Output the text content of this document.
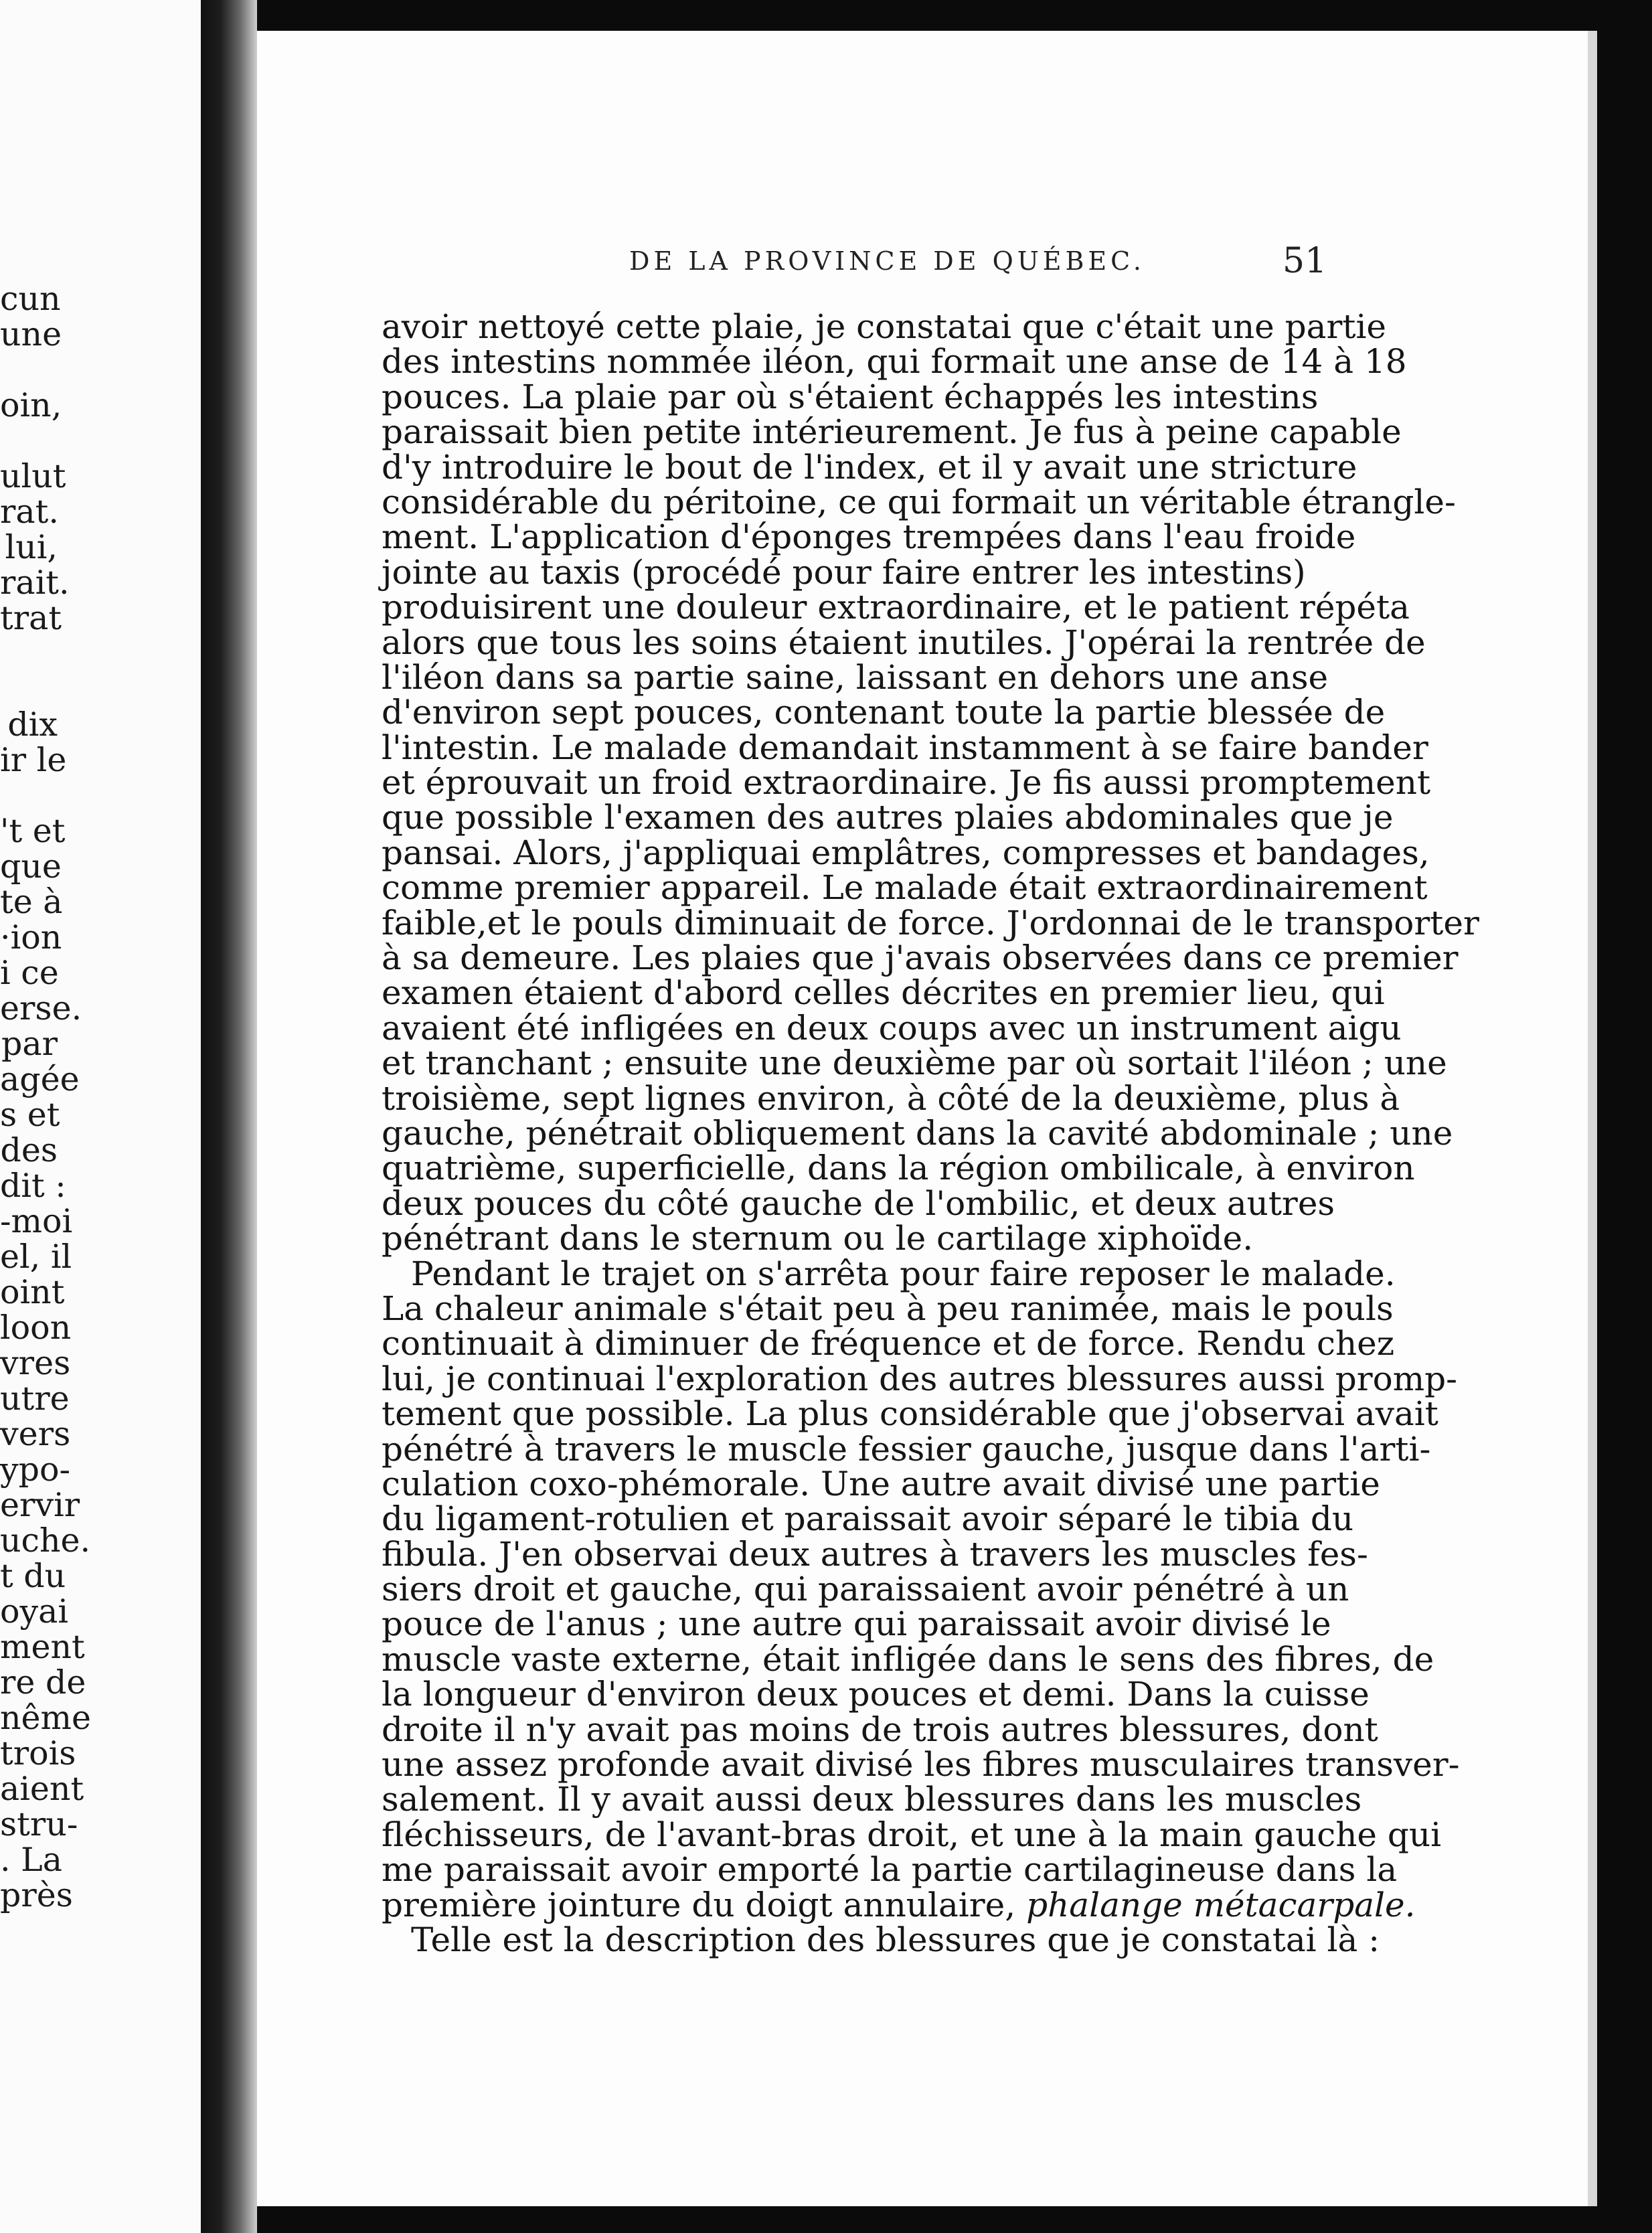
cun
une
oin,
ulut
́rat.
lui,
rait.
trat
dix
ir le
't et
que
te à
·ion
i ce
erse.
par
agée
s et
des
dit :
-moi
el, il
oint
loon
vres
utre
vers
ypo-
ervir
uche.
t du
oyai
ment
re de
nême
trois
aient
stru-
. La
près
DE LA PROVINCE DE QUÉBEC.	51
avoir nettoyé cette plaie, je constatai que c'était une partie
des intestins nommée iléon, qui formait une anse de 14 à 18
pouces. La plaie par où s'étaient échappés les intestins
paraissait bien petite intérieurement. Je fus à peine capable
d'y introduire le bout de l'index, et il y avait une stricture
considérable du péritoine, ce qui formait un véritable étrangle-
ment. L'application d'éponges trempées dans l'eau froide
jointe au taxis (procédé pour faire entrer les intestins)
produisirent une douleur extraordinaire, et le patient répéta
alors que tous les soins étaient inutiles. J'opérai la rentrée de
l'iléon dans sa partie saine, laissant en dehors une anse
d'environ sept pouces, contenant toute la partie blessée de
l'intestin. Le malade demandait instamment à se faire bander
et éprouvait un froid extraordinaire. Je fis aussi promptement
que possible l'examen des autres plaies abdominales que je
pansai. Alors, j'appliquai emplâtres, compresses et bandages,
comme premier appareil. Le malade était extraordinairement
faible,et le pouls diminuait de force. J'ordonnai de le transporter
à sa demeure. Les plaies que j'avais observées dans ce premier
examen étaient d'abord celles décrites en premier lieu, qui
avaient été infligées en deux coups avec un instrument aigu
et tranchant ; ensuite une deuxième par où sortait l'iléon ; une
troisième, sept lignes environ, à côté de la deuxième, plus à
gauche, pénétrait obliquement dans la cavité abdominale ; une
quatrième, superficielle, dans la région ombilicale, à environ
deux pouces du côté gauche de l'ombilic, et deux autres
pénétrant dans le sternum ou le cartilage xiphoïde.
Pendant le trajet on s'arrêta pour faire reposer le malade.
La chaleur animale s'était peu à peu ranimée, mais le pouls
continuait à diminuer de fréquence et de force. Rendu chez
lui, je continuai l'exploration des autres blessures aussi promp-
tement que possible. La plus considérable que j'observai avait
pénétré à travers le muscle fessier gauche, jusque dans l'arti-
culation coxo-phémorale. Une autre avait divisé une partie
du ligament-rotulien et paraissait avoir séparé le tibia du
fibula. J'en observai deux autres à travers les muscles fes-
siers droit et gauche, qui paraissaient avoir pénétré à un
pouce de l'anus ; une autre qui paraissait avoir divisé le
muscle vaste externe, était infligée dans le sens des fibres, de
la longueur d'environ deux pouces et demi. Dans la cuisse
droite il n'y avait pas moins de trois autres blessures, dont
une assez profonde avait divisé les fibres musculaires transver-
salement. Il y avait aussi deux blessures dans les muscles
fléchisseurs, de l'avant-bras droit, et une à la main gauche qui
me paraissait avoir emporté la partie cartilagineuse dans la
première jointure du doigt annulaire, phalange métacarpale.
Telle est la description des blessures que je constatai là :
